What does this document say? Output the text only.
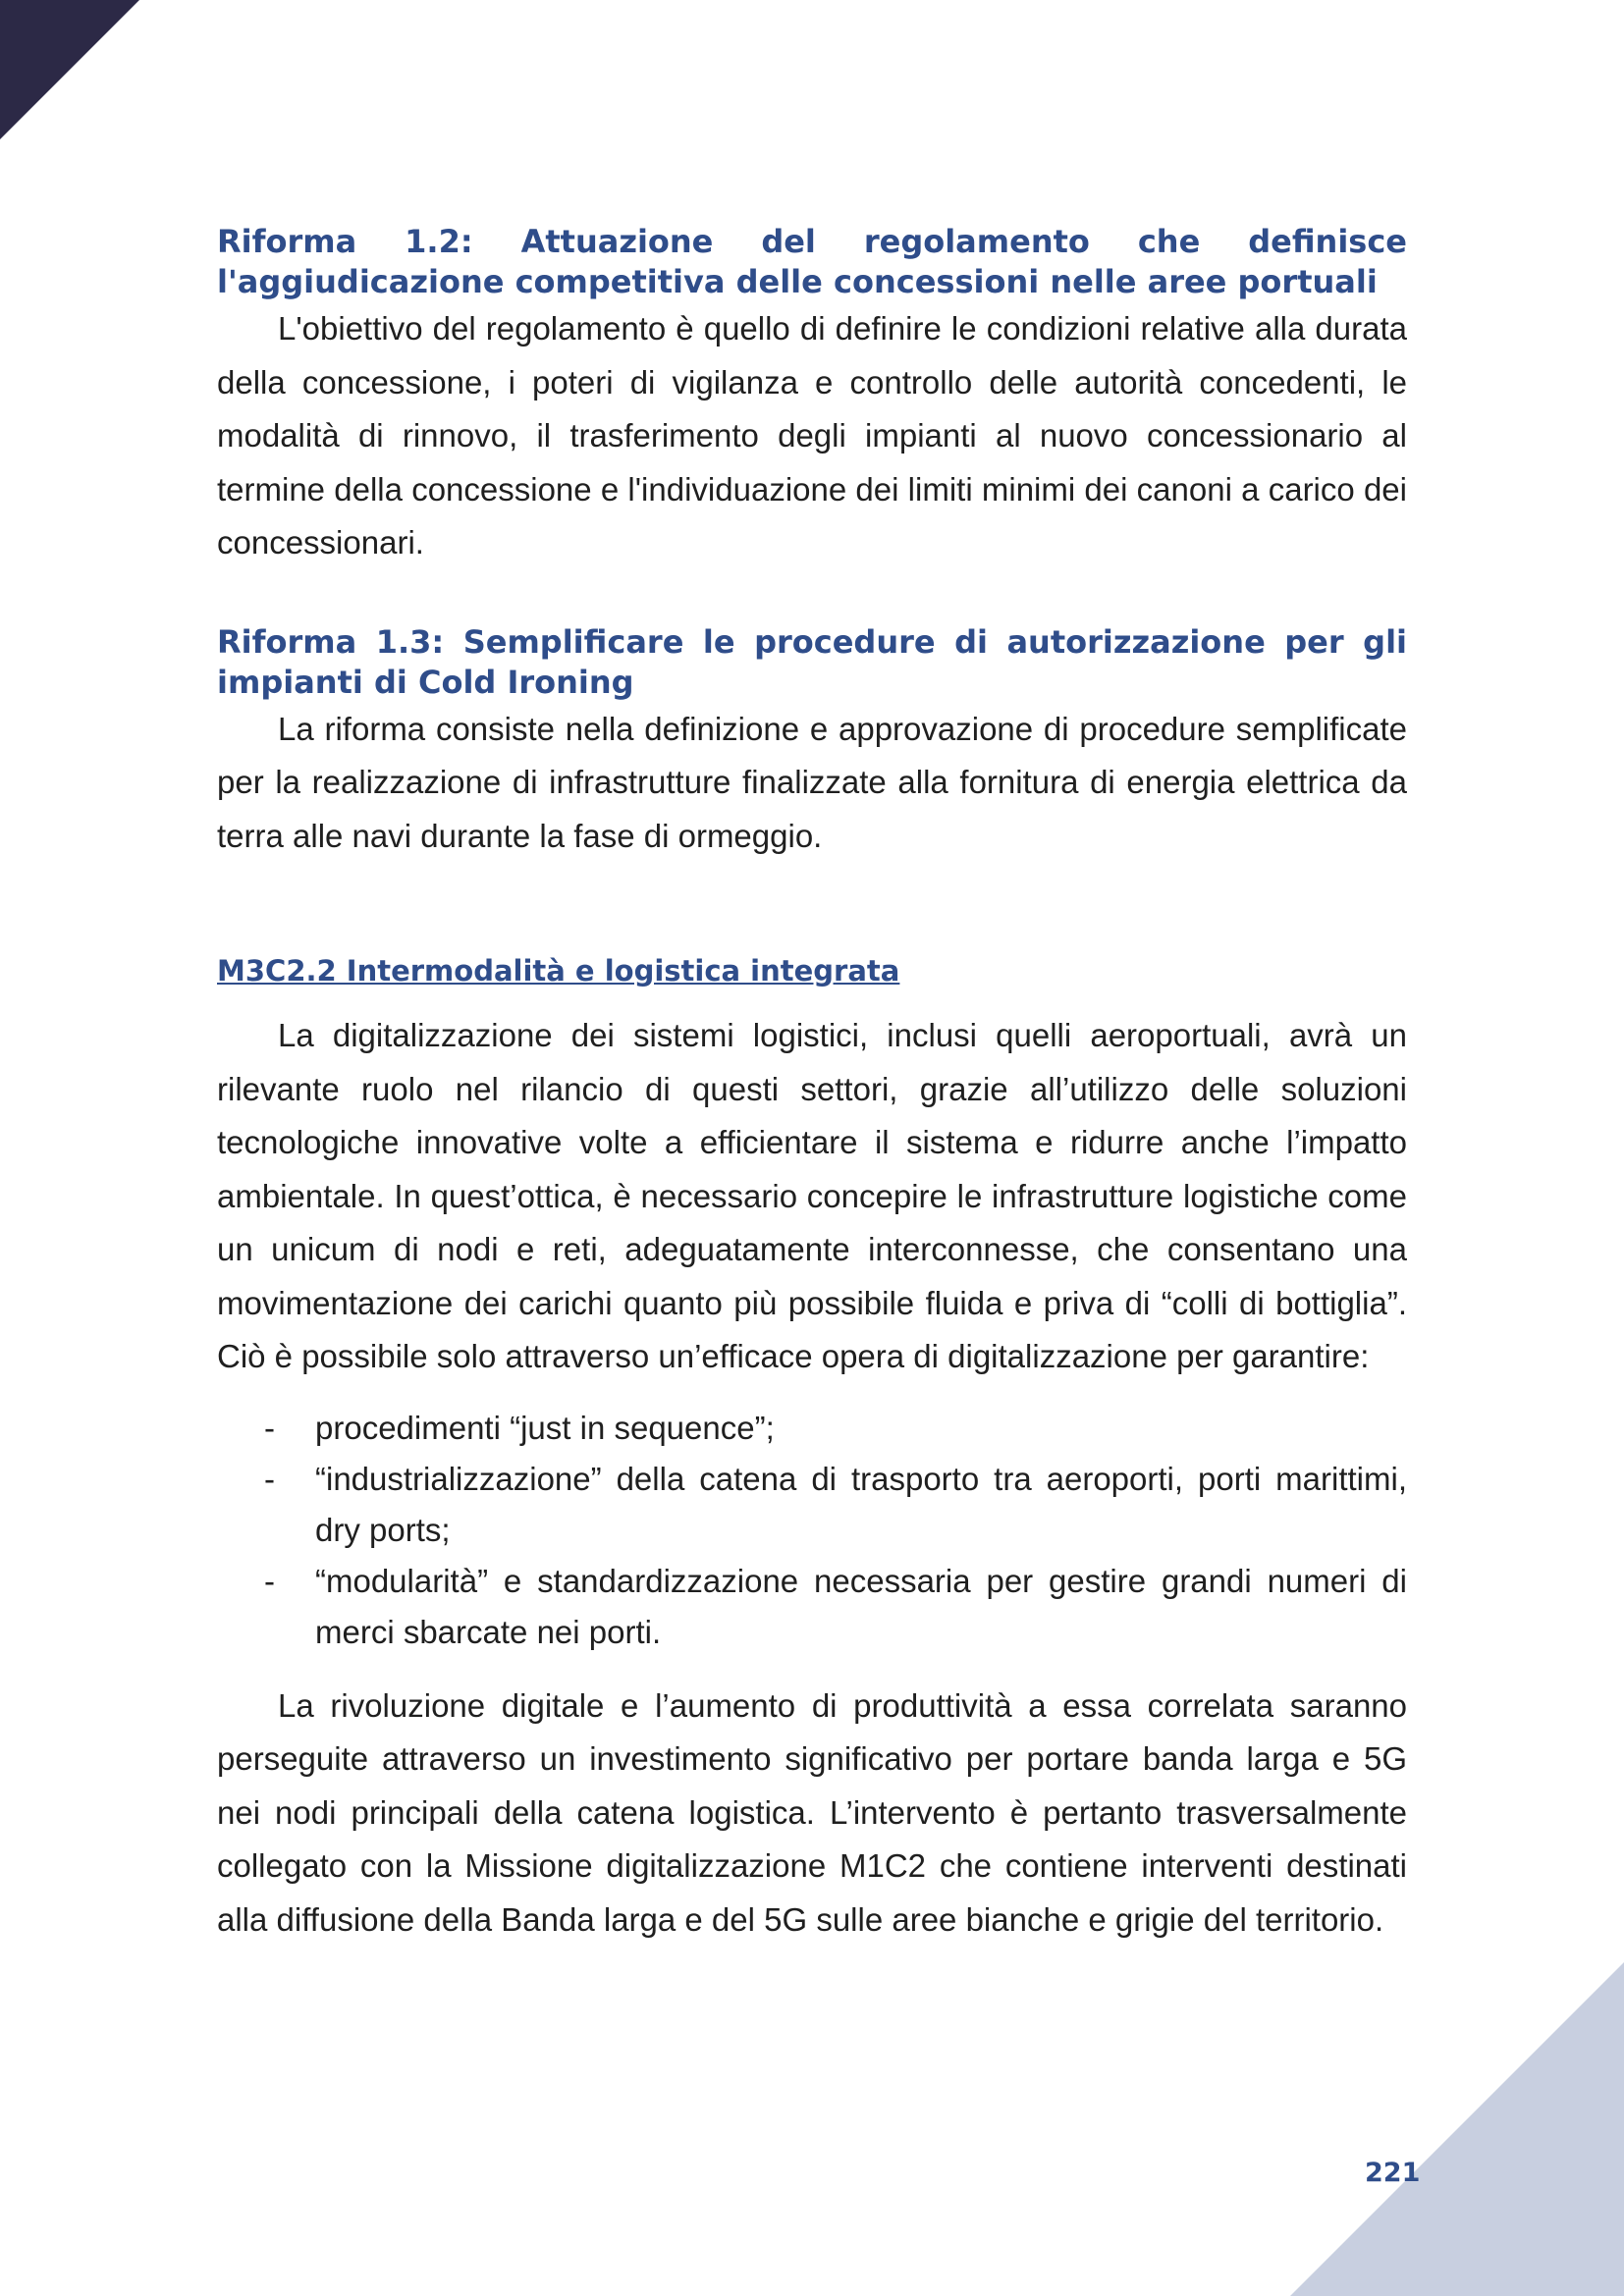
Riforma 1.2: Attuazione del regolamento che definisce l'aggiudicazione competitiva delle concessioni nelle aree portuali

L'obiettivo del regolamento è quello di definire le condizioni relative alla durata della concessione, i poteri di vigilanza e controllo delle autorità concedenti, le modalità di rinnovo, il trasferimento degli impianti al nuovo concessionario al termine della concessione e l'individuazione dei limiti minimi dei canoni a carico dei concessionari.

Riforma 1.3: Semplificare le procedure di autorizzazione per gli impianti di Cold Ironing

La riforma consiste nella definizione e approvazione di procedure semplificate per la realizzazione di infrastrutture finalizzate alla fornitura di energia elettrica da terra alle navi durante la fase di ormeggio.

M3C2.2 Intermodalità e logistica integrata

La digitalizzazione dei sistemi logistici, inclusi quelli aeroportuali, avrà un rilevante ruolo nel rilancio di questi settori, grazie all’utilizzo delle soluzioni tecnologiche innovative volte a efficientare il sistema e ridurre anche l’impatto ambientale. In quest’ottica, è necessario concepire le infrastrutture logistiche come un unicum di nodi e reti, adeguatamente interconnesse, che consentano una movimentazione dei carichi quanto più possibile fluida e priva di “colli di bottiglia”. Ciò è possibile solo attraverso un’efficace opera di digitalizzazione per garantire:

- procedimenti “just in sequence”;
- “industrializzazione” della catena di trasporto tra aeroporti, porti marittimi, dry ports;
- “modularità” e standardizzazione necessaria per gestire grandi numeri di merci sbarcate nei porti.

La rivoluzione digitale e l’aumento di produttività a essa correlata saranno perseguite attraverso un investimento significativo per portare banda larga e 5G nei nodi principali della catena logistica. L’intervento è pertanto trasversalmente collegato con la Missione digitalizzazione M1C2 che contiene interventi destinati alla diffusione della Banda larga e del 5G sulle aree bianche e grigie del territorio.

221
